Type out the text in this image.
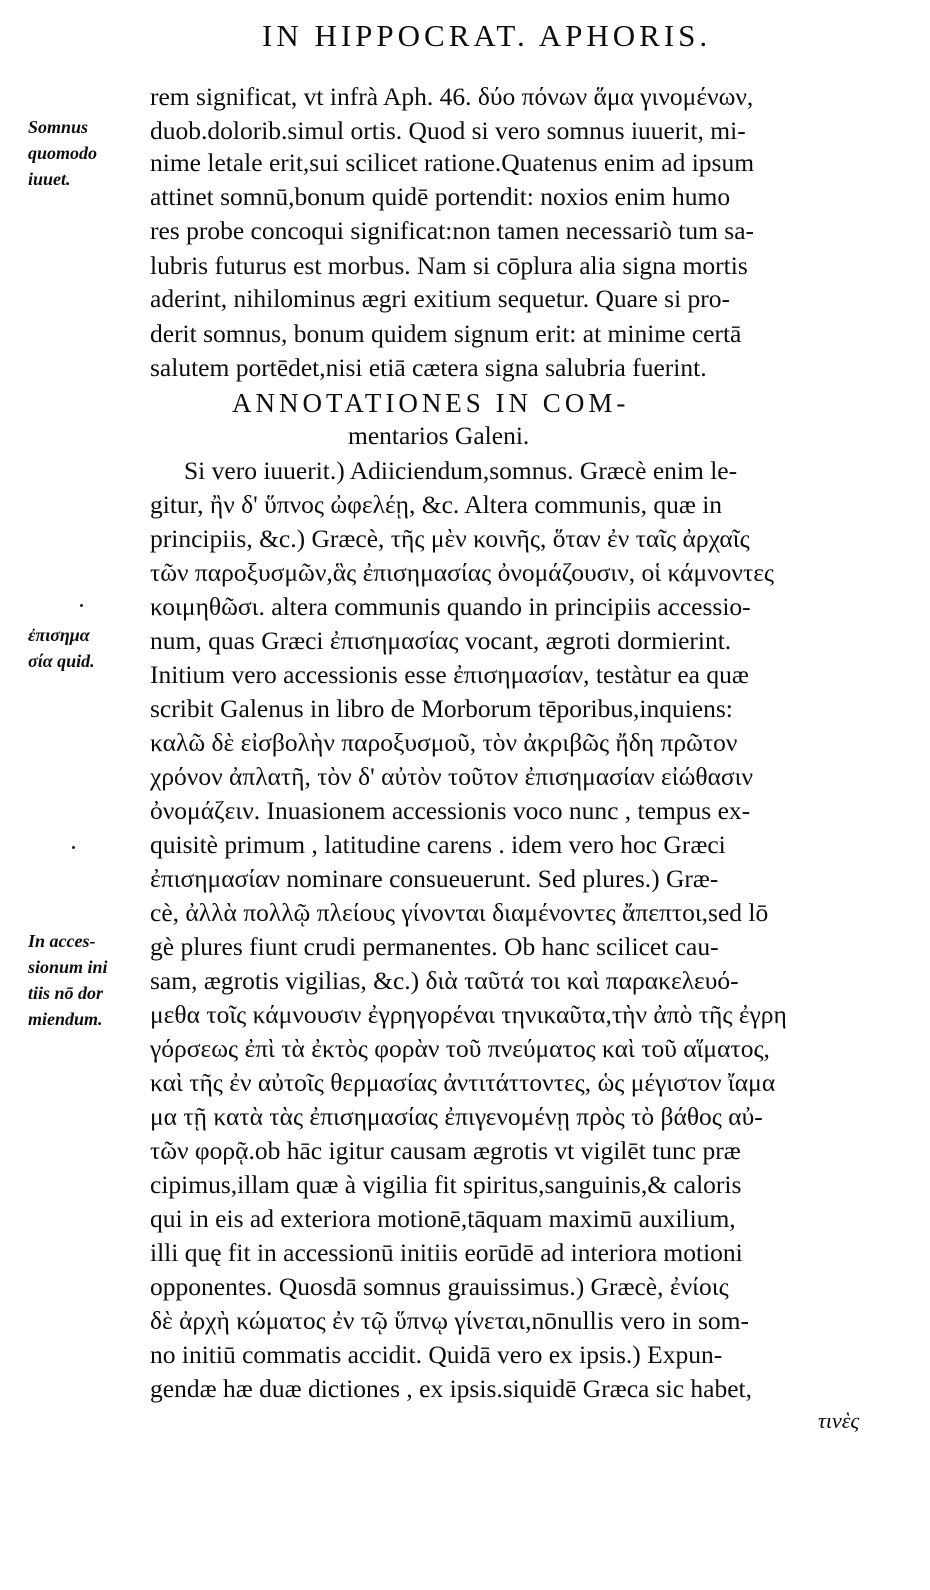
IN HIPPOCRAT. APHORIS.
Somnus
quomodo
iuuet.
rem significat, vt infrà Aph. 46. δύο πόνων ἅμα γινομένων,
duob.dolorib.simul ortis. Quod si vero somnus iuuerit, mi-
nime letale erit,sui scilicet ratione.Quatenus enim ad ipsum
attinet somnū,bonum quidē portendit: noxios enim humo
res probe concoqui significat:non tamen necessariò tum sa-
lubris futurus est morbus. Nam si cōplura alia signa mortis
aderint, nihilominus ægri exitium sequetur. Quare si pro-
derit somnus, bonum quidem signum erit: at minime certā
salutem portēdet,nisi etiā cætera signa salubria fuerint.
ANNOTATIONES IN COM-
mentarios Galeni.
ἐπισημα
σία quid.
In acces-
sionum ini
tiis nō dor
miendum.
Si vero iuuerit.) Adiiciendum,somnus. Græcè enim le-
gitur, ἢν δ' ὕπνος ὠφελέῃ, &c. Altera communis, quæ in
principiis, &c.) Græcè, τῆς μὲν κοινῆς, ὅταν ἐν ταῖς ἀρχαῖς
τῶν παροξυσμῶν,ἃς ἐπισημασίας ὀνομάζουσιν, οἱ κάμνοντες
κοιμηθῶσι. altera communis quando in principiis accessio-
num, quas Græci ἐπισημασίας vocant, ægroti dormierint.
Initium vero accessionis esse ἐπισημασίαν, testàtur ea quæ
scribit Galenus in libro de Morborum tēporibus,inquiens:
καλῶ δὲ εἰσβολὴν παροξυσμοῦ, τὸν ἀκριβῶς ἤδη πρῶτον
χρόνον ἀπλατῆ, τὸν δ' αὐτὸν τοῦτον ἐπισημασίαν εἰώθασιν
ὀνομάζειν. Inuasionem accessionis voco nunc , tempus ex-
quisitè primum , latitudine carens . idem vero hoc Græci
ἐπισημασίαν nominare consueuerunt. Sed plures.) Græ-
cè, ἀλλὰ πολλῷ πλείους γίνονται διαμένοντες ἄπεπτοι,sed lō
gè plures fiunt crudi permanentes. Ob hanc scilicet cau-
sam, ægrotis vigilias, &c.) διὰ ταῦτά τοι καὶ παρακελευό-
μεθα τοῖς κάμνουσιν ἐγρηγορέναι τηνικαῦτα,τὴν ἀπὸ τῆς ἐγρη
γόρσεως ἐπὶ τὰ ἐκτὸς φορὰν τοῦ πνεύματος καὶ τοῦ αἵματος,
καὶ τῆς ἐν αὐτοῖς θερμασίας ἀντιτάττοντες, ὡς μέγιστον ἴαμα
μα τῇ κατὰ τὰς ἐπισημασίας ἐπιγενομένῃ πρὸς τὸ βάθος αὐ-
τῶν φορᾷ.ob hāc igitur causam ægrotis vt vigilēt tunc præ
cipimus,illam quæ à vigilia fit spiritus,sanguinis,& caloris
qui in eis ad exteriora motionē,tāquam maximū auxilium,
illi quę fit in accessionū initiis eorūdē ad interiora motioni
opponentes. Quosdā somnus grauissimus.) Græcè, ἐνίοις
δὲ ἀρχὴ κώματος ἐν τῷ ὕπνῳ γίνεται,nōnullis vero in som-
no initiū commatis accidit. Quidā vero ex ipsis.) Expun-
gendæ hæ duæ dictiones , ex ipsis.siquidē Græca sic habet,
τινὲς
